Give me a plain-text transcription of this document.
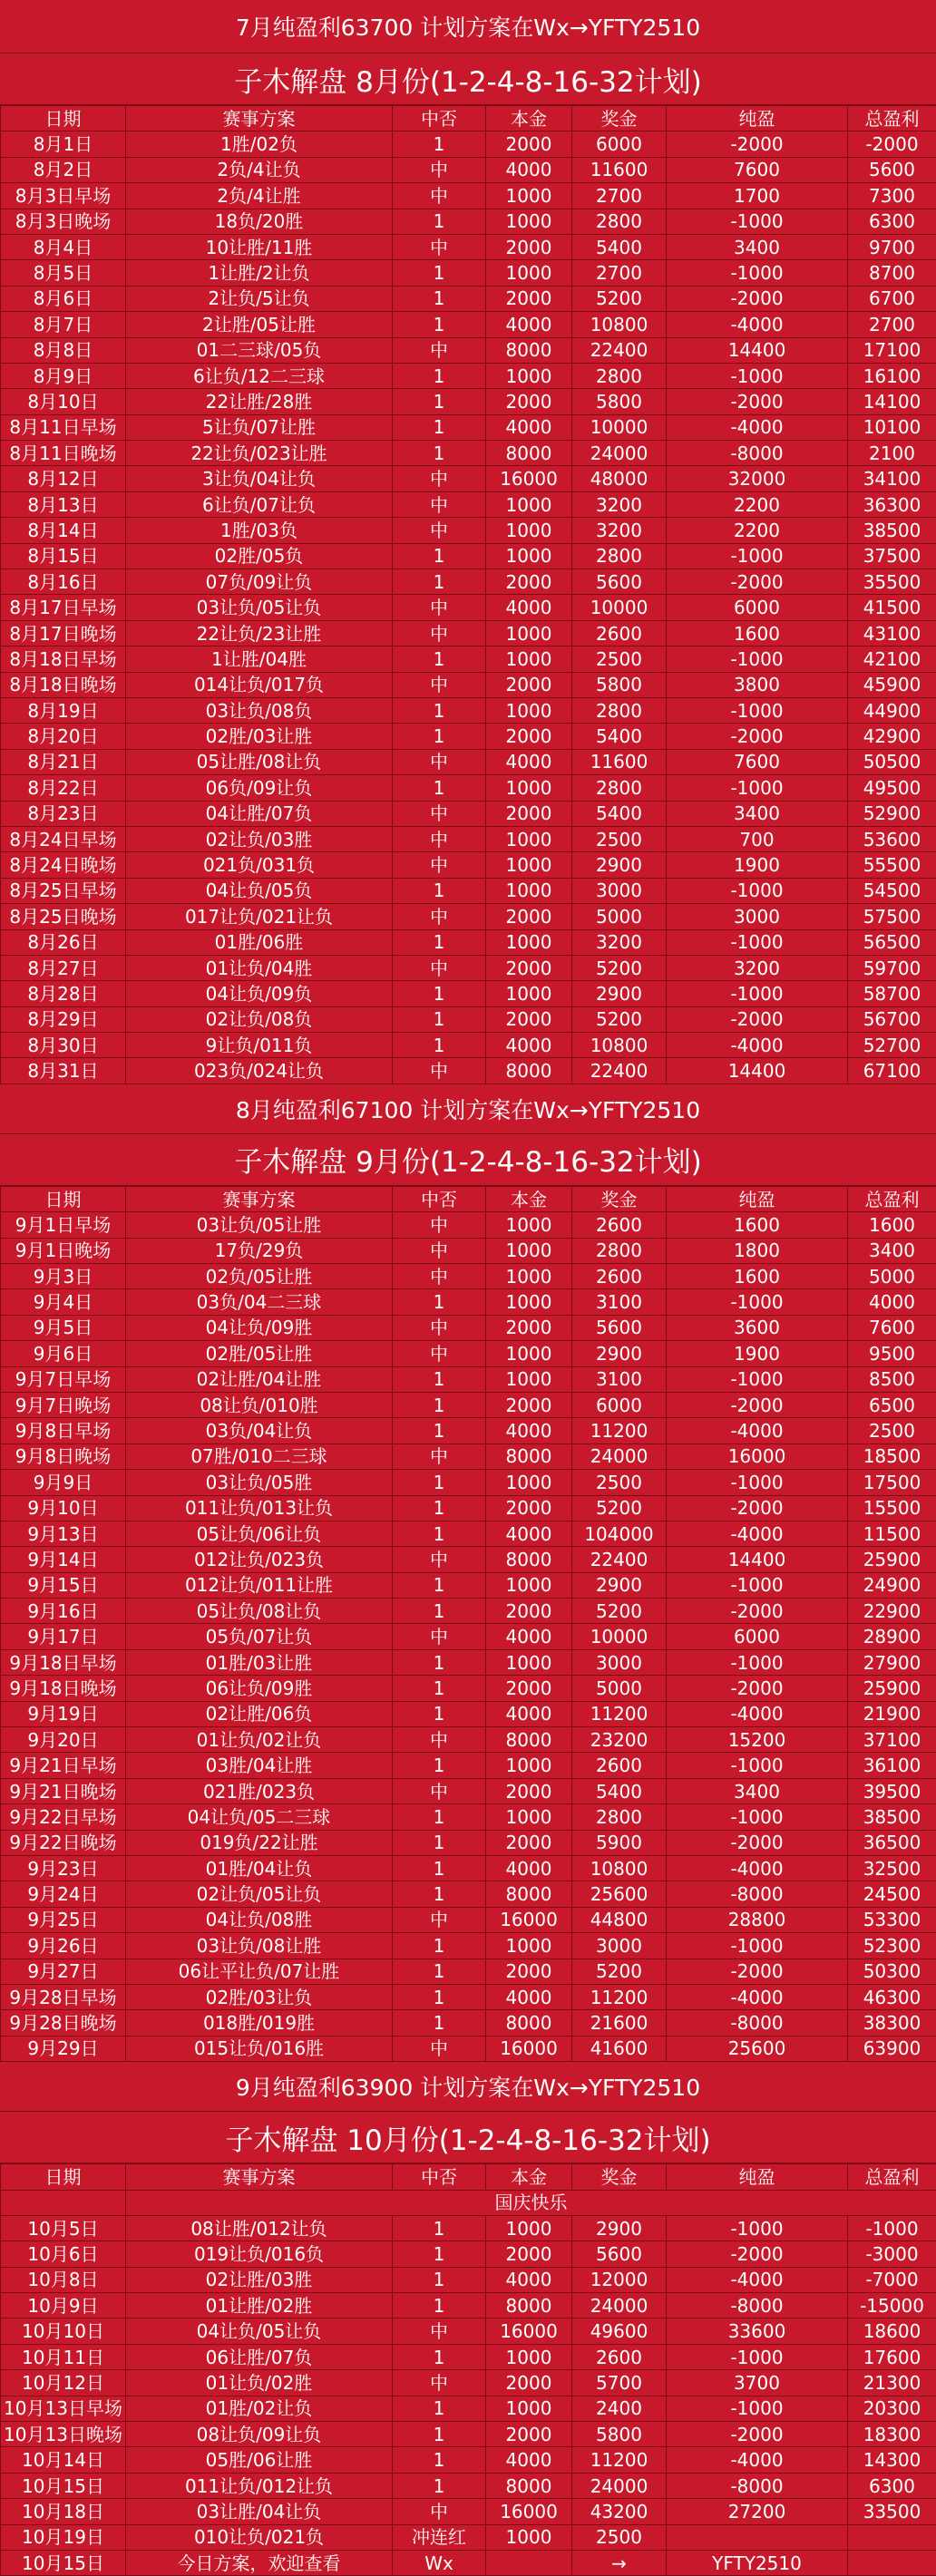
7月纯盈利63700 计划方案在Wx→YFTY2510
子木解盘 8月份(1-2-4-8-16-32计划)
日期	赛事方案	中否	本金	奖金	纯盈	总盈利
8月1日	1胜/02负	1	2000	6000	-2000	-2000
8月2日	2负/4让负	中	4000	11600	7600	5600
8月3日早场	2负/4让胜	中	1000	2700	1700	7300
8月3日晚场	18负/20胜	1	1000	2800	-1000	6300
8月4日	10让胜/11胜	中	2000	5400	3400	9700
8月5日	1让胜/2让负	1	1000	2700	-1000	8700
8月6日	2让负/5让负	1	2000	5200	-2000	6700
8月7日	2让胜/05让胜	1	4000	10800	-4000	2700
8月8日	01二三球/05负	中	8000	22400	14400	17100
8月9日	6让负/12二三球	1	1000	2800	-1000	16100
8月10日	22让胜/28胜	1	2000	5800	-2000	14100
8月11日早场	5让负/07让胜	1	4000	10000	-4000	10100
8月11日晚场	22让负/023让胜	1	8000	24000	-8000	2100
8月12日	3让负/04让负	中	16000	48000	32000	34100
8月13日	6让负/07让负	中	1000	3200	2200	36300
8月14日	1胜/03负	中	1000	3200	2200	38500
8月15日	02胜/05负	1	1000	2800	-1000	37500
8月16日	07负/09让负	1	2000	5600	-2000	35500
8月17日早场	03让负/05让负	中	4000	10000	6000	41500
8月17日晚场	22让负/23让胜	中	1000	2600	1600	43100
8月18日早场	1让胜/04胜	1	1000	2500	-1000	42100
8月18日晚场	014让负/017负	中	2000	5800	3800	45900
8月19日	03让负/08负	1	1000	2800	-1000	44900
8月20日	02胜/03让胜	1	2000	5400	-2000	42900
8月21日	05让胜/08让负	中	4000	11600	7600	50500
8月22日	06负/09让负	1	1000	2800	-1000	49500
8月23日	04让胜/07负	中	2000	5400	3400	52900
8月24日早场	02让负/03胜	中	1000	2500	700	53600
8月24日晚场	021负/031负	中	1000	2900	1900	55500
8月25日早场	04让负/05负	1	1000	3000	-1000	54500
8月25日晚场	017让负/021让负	中	2000	5000	3000	57500
8月26日	01胜/06胜	1	1000	3200	-1000	56500
8月27日	01让负/04胜	中	2000	5200	3200	59700
8月28日	04让负/09负	1	1000	2900	-1000	58700
8月29日	02让负/08负	1	2000	5200	-2000	56700
8月30日	9让负/011负	1	4000	10800	-4000	52700
8月31日	023负/024让负	中	8000	22400	14400	67100
8月纯盈利67100 计划方案在Wx→YFTY2510
子木解盘 9月份(1-2-4-8-16-32计划)
日期	赛事方案	中否	本金	奖金	纯盈	总盈利
9月1日早场	03让负/05让胜	中	1000	2600	1600	1600
9月1日晚场	17负/29负	中	1000	2800	1800	3400
9月3日	02负/05让胜	中	1000	2600	1600	5000
9月4日	03负/04二三球	1	1000	3100	-1000	4000
9月5日	04让负/09胜	中	2000	5600	3600	7600
9月6日	02胜/05让胜	中	1000	2900	1900	9500
9月7日早场	02让胜/04让胜	1	1000	3100	-1000	8500
9月7日晚场	08让负/010胜	1	2000	6000	-2000	6500
9月8日早场	03负/04让负	1	4000	11200	-4000	2500
9月8日晚场	07胜/010二三球	中	8000	24000	16000	18500
9月9日	03让负/05胜	1	1000	2500	-1000	17500
9月10日	011让负/013让负	1	2000	5200	-2000	15500
9月13日	05让负/06让负	1	4000	104000	-4000	11500
9月14日	012让负/023负	中	8000	22400	14400	25900
9月15日	012让负/011让胜	1	1000	2900	-1000	24900
9月16日	05让负/08让负	1	2000	5200	-2000	22900
9月17日	05负/07让负	中	4000	10000	6000	28900
9月18日早场	01胜/03让胜	1	1000	3000	-1000	27900
9月18日晚场	06让负/09胜	1	2000	5000	-2000	25900
9月19日	02让胜/06负	1	4000	11200	-4000	21900
9月20日	01让负/02让负	中	8000	23200	15200	37100
9月21日早场	03胜/04让胜	1	1000	2600	-1000	36100
9月21日晚场	021胜/023负	中	2000	5400	3400	39500
9月22日早场	04让负/05二三球	1	1000	2800	-1000	38500
9月22日晚场	019负/22让胜	1	2000	5900	-2000	36500
9月23日	01胜/04让负	1	4000	10800	-4000	32500
9月24日	02让负/05让负	1	8000	25600	-8000	24500
9月25日	04让负/08胜	中	16000	44800	28800	53300
9月26日	03让负/08让胜	1	1000	3000	-1000	52300
9月27日	06让平让负/07让胜	1	2000	5200	-2000	50300
9月28日早场	02胜/03让负	1	4000	11200	-4000	46300
9月28日晚场	018胜/019胜	1	8000	21600	-8000	38300
9月29日	015让负/016胜	中	16000	41600	25600	63900
9月纯盈利63900 计划方案在Wx→YFTY2510
子木解盘 10月份(1-2-4-8-16-32计划)
日期	赛事方案	中否	本金	奖金	纯盈	总盈利
	国庆快乐					
10月5日	08让胜/012让负	1	1000	2900	-1000	-1000
10月6日	019让负/016负	1	2000	5600	-2000	-3000
10月8日	02让胜/03胜	1	4000	12000	-4000	-7000
10月9日	01让胜/02胜	1	8000	24000	-8000	-15000
10月10日	04让负/05让负	中	16000	49600	33600	18600
10月11日	06让胜/07负	1	1000	2600	-1000	17600
10月12日	01让负/02胜	中	2000	5700	3700	21300
10月13日早场	01胜/02让负	1	1000	2400	-1000	20300
10月13日晚场	08让负/09让负	1	2000	5800	-2000	18300
10月14日	05胜/06让胜	1	4000	11200	-4000	14300
10月15日	011让负/012让负	1	8000	24000	-8000	6300
10月18日	03让胜/04让负	中	16000	43200	27200	33500
10月19日	010让负/021负	冲连红	1000	2500		
10月15日	今日方案，欢迎查看	Wx		→	YFTY2510	
